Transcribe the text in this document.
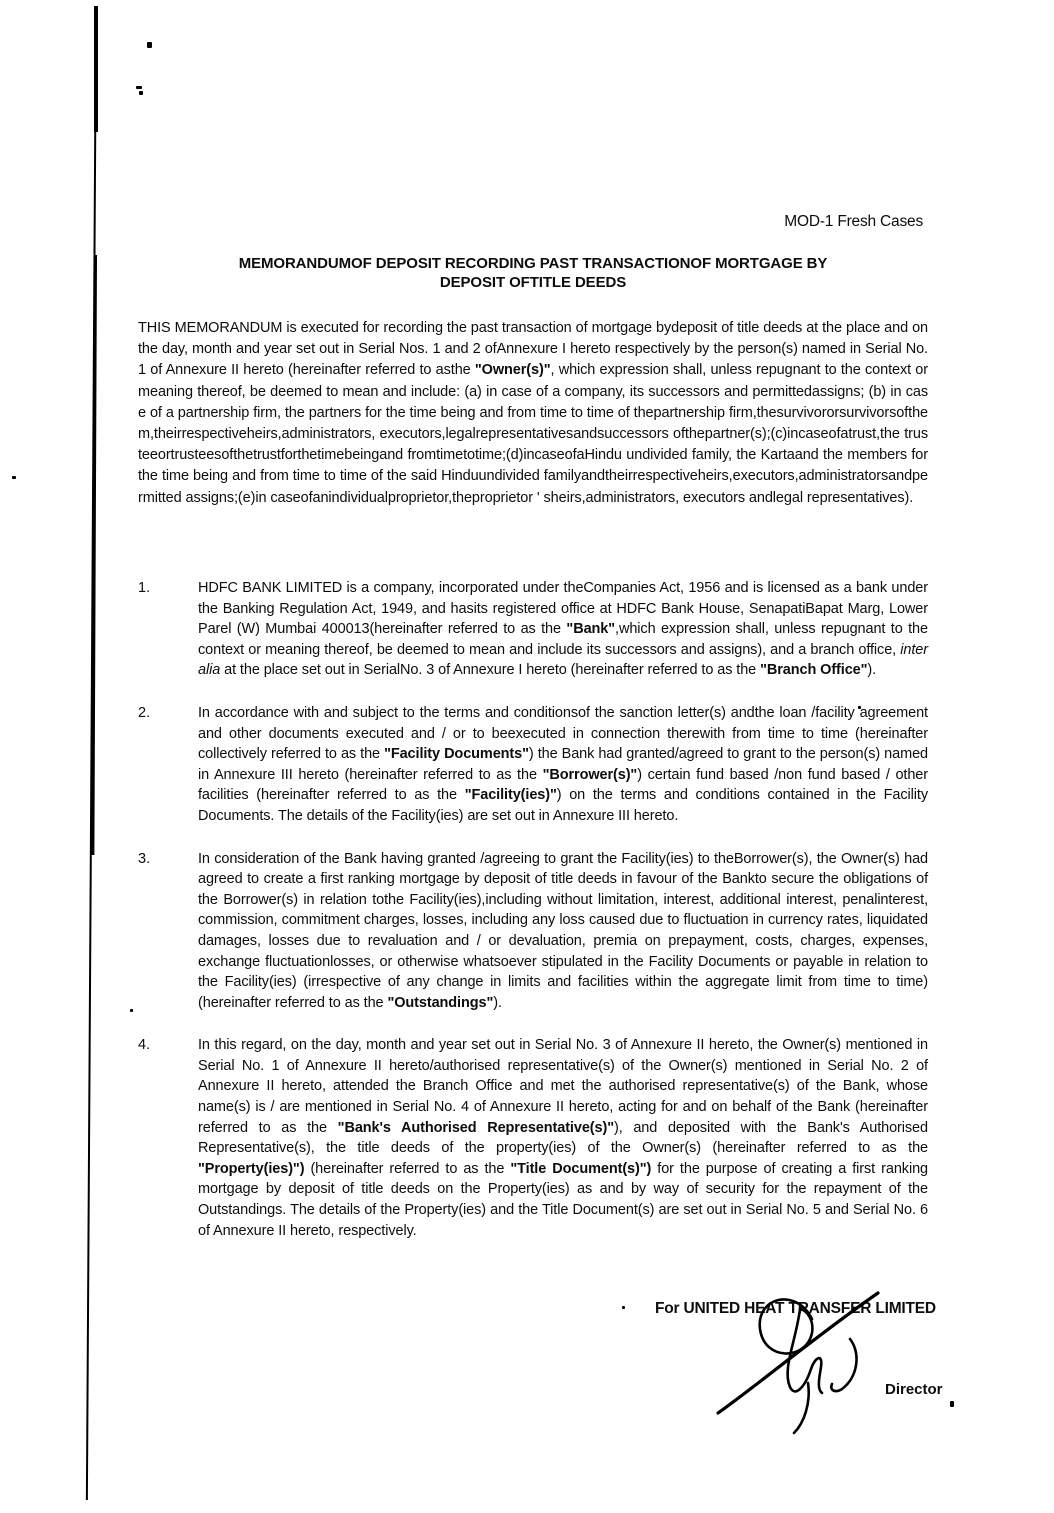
MOD-1 Fresh Cases
MEMORANDUMOF DEPOSIT RECORDING PAST TRANSACTIONOF MORTGAGE BY
DEPOSIT OFTITLE DEEDS
THIS MEMORANDUM is executed for recording the past transaction of mortgage bydeposit of title deeds at the place and on the day, month and year set out in Serial Nos. 1 and 2 ofAnnexure I hereto respectively by the person(s) named in Serial No. 1 of Annexure II hereto (hereinafter referred to asthe "Owner(s)", which expression shall, unless repugnant to the context or meaning thereof, be deemed to mean and include: (a) in case of a company, its successors and permittedassigns; (b) in case of a partnership firm, the partners for the time being and from time to time of thepartnership firm,thesurvivororsurvivorsofthem,theirrespectiveheirs,administrators, executors,legalrepresentativesandsuccessors ofthepartner(s);(c)incaseofatrust,the trusteeortrusteesofthetrustforthetimebeingand fromtimetotime;(d)incaseofaHindu undivided family, the Kartaand the members for the time being and from time to time of the said Hinduundivided familyandtheirrespectiveheirs,executors,administratorsandpermitted assigns;(e)in caseofanindividualproprietor,theproprietor ' sheirs,administrators, executors andlegal representatives).
1.	HDFC BANK LIMITED is a company, incorporated under theCompanies Act, 1956 and is licensed as a bank under the Banking Regulation Act, 1949, and hasits registered office at HDFC Bank House, SenapatiBapat Marg, Lower Parel (W) Mumbai 400013(hereinafter referred to as the "Bank",which expression shall, unless repugnant to the context or meaning thereof, be deemed to mean and include its successors and assigns), and a branch office, inter alia at the place set out in SerialNo. 3 of Annexure I hereto (hereinafter referred to as the "Branch Office").
2.	In accordance with and subject to the terms and conditionsof the sanction letter(s) andthe loan /facility agreement and other documents executed and / or to beexecuted in connection therewith from time to time (hereinafter collectively referred to as the "Facility Documents") the Bank had granted/agreed to grant to the person(s) named in Annexure III hereto (hereinafter referred to as the "Borrower(s)") certain fund based /non fund based / other facilities (hereinafter referred to as the "Facility(ies)") on the terms and conditions contained in the Facility Documents. The details of the Facility(ies) are set out in Annexure III hereto.
3.	In consideration of the Bank having granted /agreeing to grant the Facility(ies) to theBorrower(s), the Owner(s) had agreed to create a first ranking mortgage by deposit of title deeds in favour of the Bankto secure the obligations of the Borrower(s) in relation tothe Facility(ies),including without limitation, interest, additional interest, penalinterest, commission, commitment charges, losses, including any loss caused due to fluctuation in currency rates, liquidated damages, losses due to revaluation and / or devaluation, premia on prepayment, costs, charges, expenses, exchange fluctuationlosses, or otherwise whatsoever stipulated in the Facility Documents or payable in relation to the Facility(ies) (irrespective of any change in limits and facilities within the aggregate limit from time to time) (hereinafter referred to as the "Outstandings").
4.	In this regard, on the day, month and year set out in Serial No. 3 of Annexure II hereto, the Owner(s) mentioned in Serial No. 1 of Annexure II hereto/authorised representative(s) of the Owner(s) mentioned in Serial No. 2 of Annexure II hereto, attended the Branch Office and met the authorised representative(s) of the Bank, whose name(s) is / are mentioned in Serial No. 4 of Annexure II hereto, acting for and on behalf of the Bank (hereinafter referred to as the "Bank's Authorised Representative(s)"), and deposited with the Bank's Authorised Representative(s), the title deeds of the property(ies) of the Owner(s) (hereinafter referred to as the "Property(ies)") (hereinafter referred to as the "Title Document(s)") for the purpose of creating a first ranking mortgage by deposit of title deeds on the Property(ies) as and by way of security for the repayment of the Outstandings. The details of the Property(ies) and the Title Document(s) are set out in Serial No. 5 and Serial No. 6 of Annexure II hereto, respectively.
For UNITED HEAT TRANSFER LIMITED
Director
